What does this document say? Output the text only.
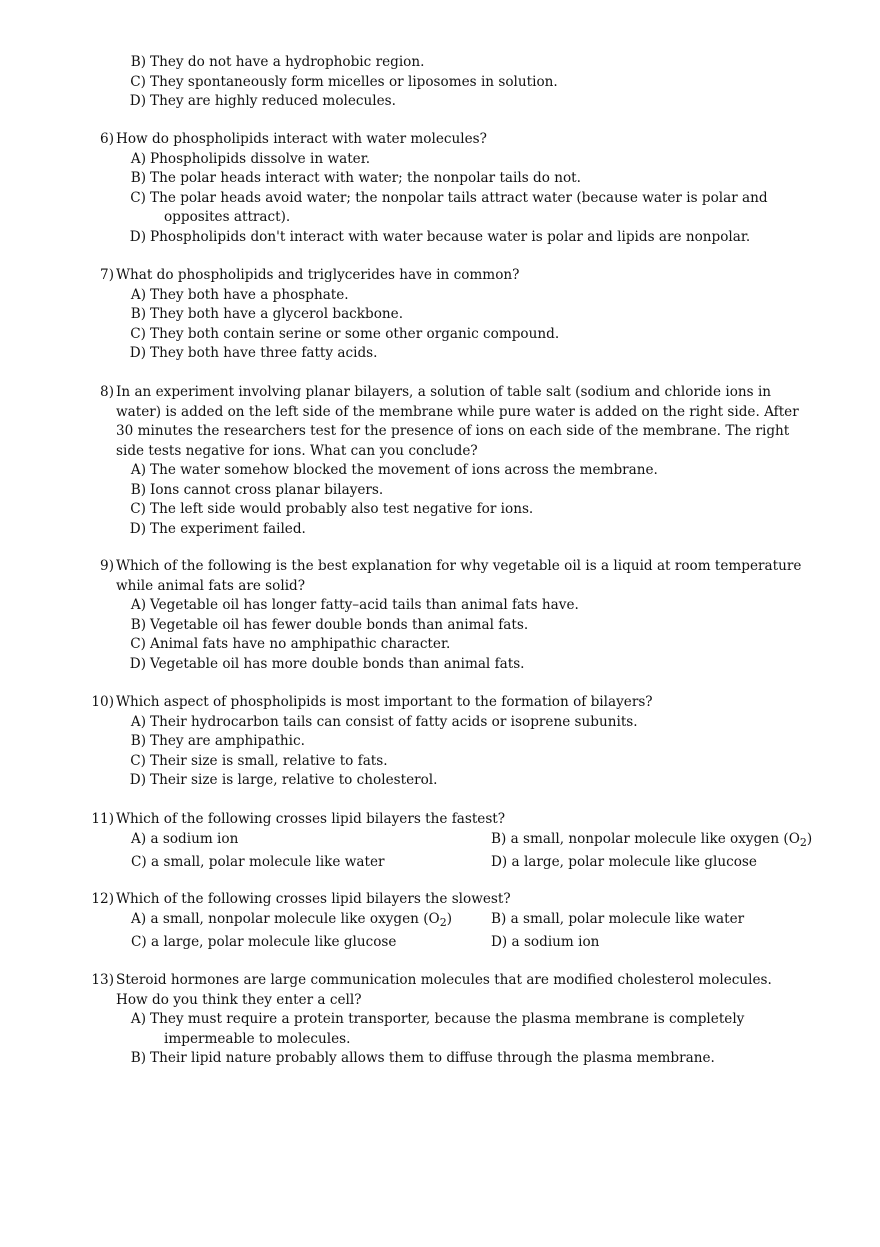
B) They do not have a hydrophobic region.
C) They spontaneously form micelles or liposomes in solution.
D) They are highly reduced molecules.
6) How do phospholipids interact with water molecules?
A) Phospholipids dissolve in water.
B) The polar heads interact with water; the nonpolar tails do not.
C) The polar heads avoid water; the nonpolar tails attract water (because water is polar and opposites attract).
D) Phospholipids don't interact with water because water is polar and lipids are nonpolar.
7) What do phospholipids and triglycerides have in common?
A) They both have a phosphate.
B) They both have a glycerol backbone.
C) They both contain serine or some other organic compound.
D) They both have three fatty acids.
8) In an experiment involving planar bilayers, a solution of table salt (sodium and chloride ions in water) is added on the left side of the membrane while pure water is added on the right side. After 30 minutes the researchers test for the presence of ions on each side of the membrane. The right side tests negative for ions. What can you conclude?
A) The water somehow blocked the movement of ions across the membrane.
B) Ions cannot cross planar bilayers.
C) The left side would probably also test negative for ions.
D) The experiment failed.
9) Which of the following is the best explanation for why vegetable oil is a liquid at room temperature while animal fats are solid?
A) Vegetable oil has longer fatty–acid tails than animal fats have.
B) Vegetable oil has fewer double bonds than animal fats.
C) Animal fats have no amphipathic character.
D) Vegetable oil has more double bonds than animal fats.
10) Which aspect of phospholipids is most important to the formation of bilayers?
A) Their hydrocarbon tails can consist of fatty acids or isoprene subunits.
B) They are amphipathic.
C) Their size is small, relative to fats.
D) Their size is large, relative to cholesterol.
11) Which of the following crosses lipid bilayers the fastest?
A) a sodium ion	B) a small, nonpolar molecule like oxygen $(O_2)$
C) a small, polar molecule like water	D) a large, polar molecule like glucose
12) Which of the following crosses lipid bilayers the slowest?
A) a small, nonpolar molecule like oxygen $(O_2)$	B) a small, polar molecule like water
C) a large, polar molecule like glucose	D) a sodium ion
13) Steroid hormones are large communication molecules that are modified cholesterol molecules. How do you think they enter a cell?
A) They must require a protein transporter, because the plasma membrane is completely impermeable to molecules.
B) Their lipid nature probably allows them to diffuse through the plasma membrane.
